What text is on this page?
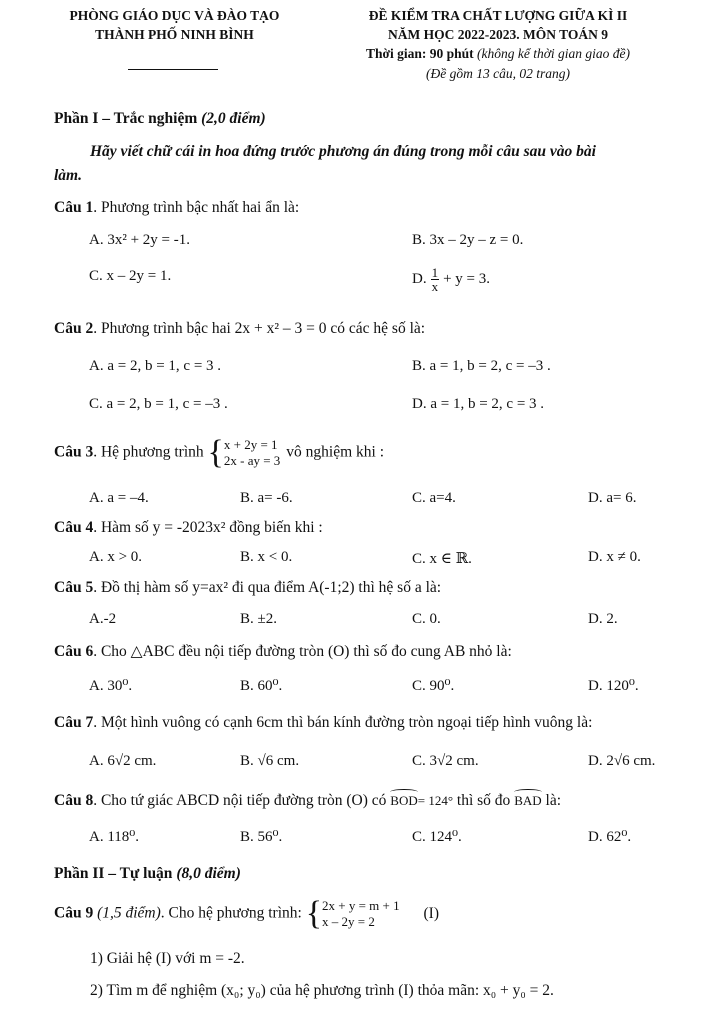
PHÒNG GIÁO DỤC VÀ ĐÀO TẠO
THÀNH PHỐ NINH BÌNH
ĐỀ KIỂM TRA CHẤT LƯỢNG GIỮA KÌ II
NĂM HỌC 2022-2023. MÔN TOÁN 9
Thời gian: 90 phút (không kể thời gian giao đề)
(Đề gồm 13 câu, 02 trang)
Phần I – Trắc nghiệm (2,0 điểm)
Hãy viết chữ cái in hoa đứng trước phương án đúng trong mỗi câu sau vào bài
làm.
Câu 1. Phương trình bậc nhất hai ẩn là:
A. 3x² + 2y = -1.	B. 3x – 2y – z = 0.
C. x – 2y = 1.	D. $\frac{1}{x} + y = 3$.
Câu 2. Phương trình bậc hai 2x + x² – 3 = 0 có các hệ số là:
A. a = 2, b = 1, c = 3 .	B. a = 1, b = 2, c = –3 .
C. a = 2, b = 1, c = –3 .	D. a = 1, b = 2, c = 3 .
Câu 3. Hệ phương trình {x + 2y = 1
2x - ay = 3 vô nghiệm khi :
A. a = –4.	B. a= -6.	C. a=4.	D. a= 6.
Câu 4. Hàm số y = -2023x² đồng biến khi :
A. x > 0.	B. x < 0.	C. x ∈ ℝ.	D. x ≠ 0.
Câu 5. Đồ thị hàm số y=ax² đi qua điểm A(-1;2) thì hệ số a là:
A.-2	B. ±2.	C. 0.	D. 2.
Câu 6. Cho △ABC đều nội tiếp đường tròn (O) thì số đo cung AB nhỏ là:
A. 30⁰.	B. 60⁰.	C. 90⁰.	D. 120⁰.
Câu 7. Một hình vuông có cạnh 6cm thì bán kính đường tròn ngoại tiếp hình vuông là:
A. 6√2 cm.	B. √6 cm.	C. 3√2 cm.	D. 2√6 cm.
Câu 8. Cho tứ giác ABCD nội tiếp đường tròn (O) có BOD= 124° thì số đo BAD là:
A. 118⁰.	B. 56⁰.	C. 124⁰.	D. 62⁰.
Phần II – Tự luận (8,0 điểm)
Câu 9 (1,5 điểm). Cho hệ phương trình: {2x + y = m + 1
x – 2y = 2	(I)
1) Giải hệ (I) với m = -2.
2) Tìm m để nghiệm (x₀; y₀) của hệ phương trình (I) thỏa mãn: x₀ + y₀ = 2.
